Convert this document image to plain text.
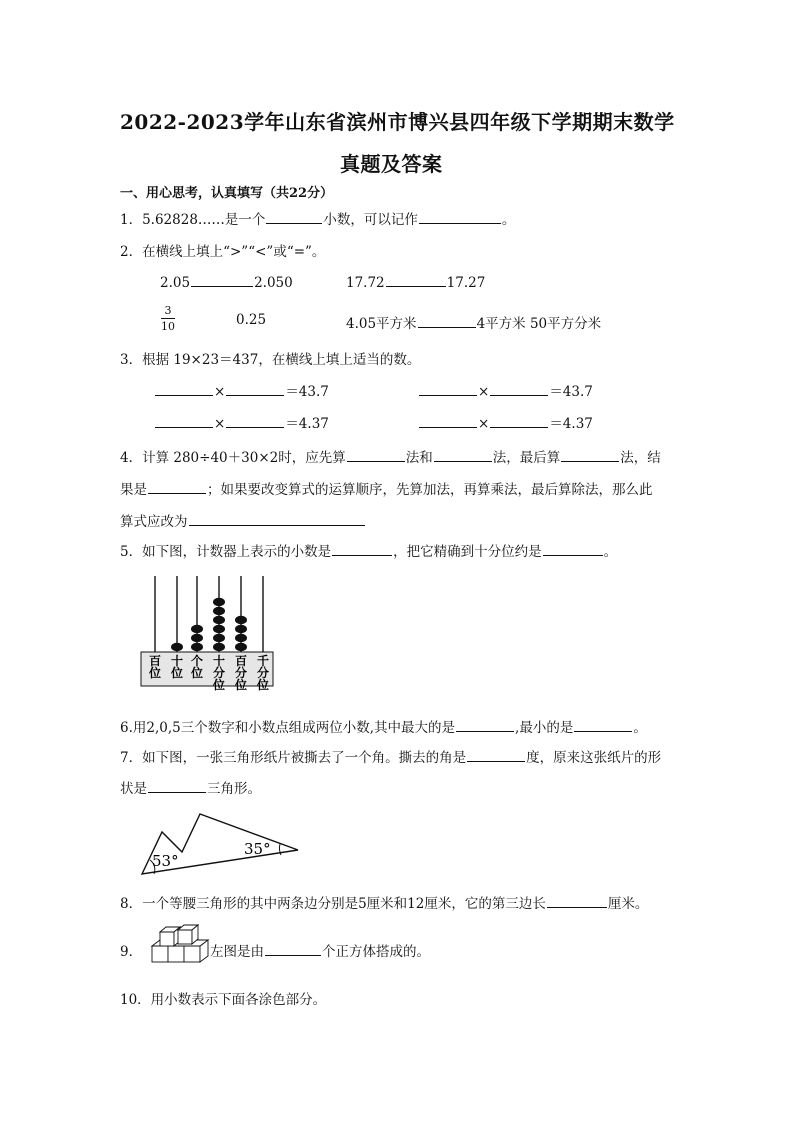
2022-2023学年山东省滨州市博兴县四年级下学期期末数学
真题及答案
一、用心思考，认真填写（共22分）
1．5.62828……是一个	小数，可以记作	。
2．在横线上填上“>”“<”或“=”。
2.05	2.050	17.72	17.27
3
10	0.25	4.05平方米	4平方米 50平方分米
3．根据 19×23＝437，在横线上填上适当的数。
×	＝43.7	×	＝43.7
×	＝4.37	×	＝4.37
4．计算 280÷40＋30×2时，应先算	法和	法，最后算	法，结
果是	；如果要改变算式的运算顺序，先算加法，再算乘法，最后算除法，那么此
算式应改为
5．如下图，计数器上表示的小数是	，把它精确到十分位约是	。
百
位
十
位
个
位
十
分
位
百
分
位
千
分
位
6.用2,0,5三个数字和小数点组成两位小数,其中最大的是	,最小的是	。
7．如下图，一张三角形纸片被撕去了一个角。撕去的角是	度，原来这张纸片的形
状是	三角形。
53°
35°
8．一个等腰三角形的其中两条边分别是5厘米和12厘米，它的第三边长	厘米。
9．	左图是由	个正方体搭成的。
10．用小数表示下面各涂色部分。
